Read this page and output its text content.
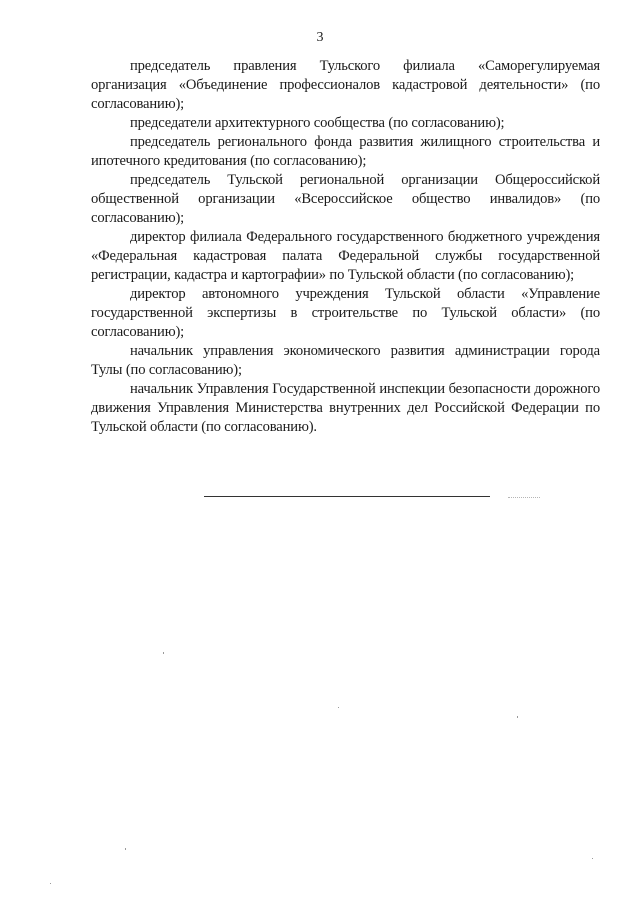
3

председатель правления Тульского филиала «Саморегулируемая организация «Объединение профессионалов кадастровой деятельности» (по согласованию);

председатели архитектурного сообщества (по согласованию);

председатель регионального фонда развития жилищного строительства и ипотечного кредитования (по согласованию);

председатель Тульской региональной организации Общероссийской общественной организации «Всероссийское общество инвалидов» (по согласованию);

директор филиала Федерального государственного бюджетного учреждения «Федеральная кадастровая палата Федеральной службы государственной регистрации, кадастра и картографии» по Тульской области (по согласованию);

директор автономного учреждения Тульской области «Управление государственной экспертизы в строительстве по Тульской области» (по согласованию);

начальник управления экономического развития администрации города Тулы (по согласованию);

начальник Управления Государственной инспекции безопасности дорожного движения Управления Министерства внутренних дел Российской Федерации по Тульской области (по согласованию).
